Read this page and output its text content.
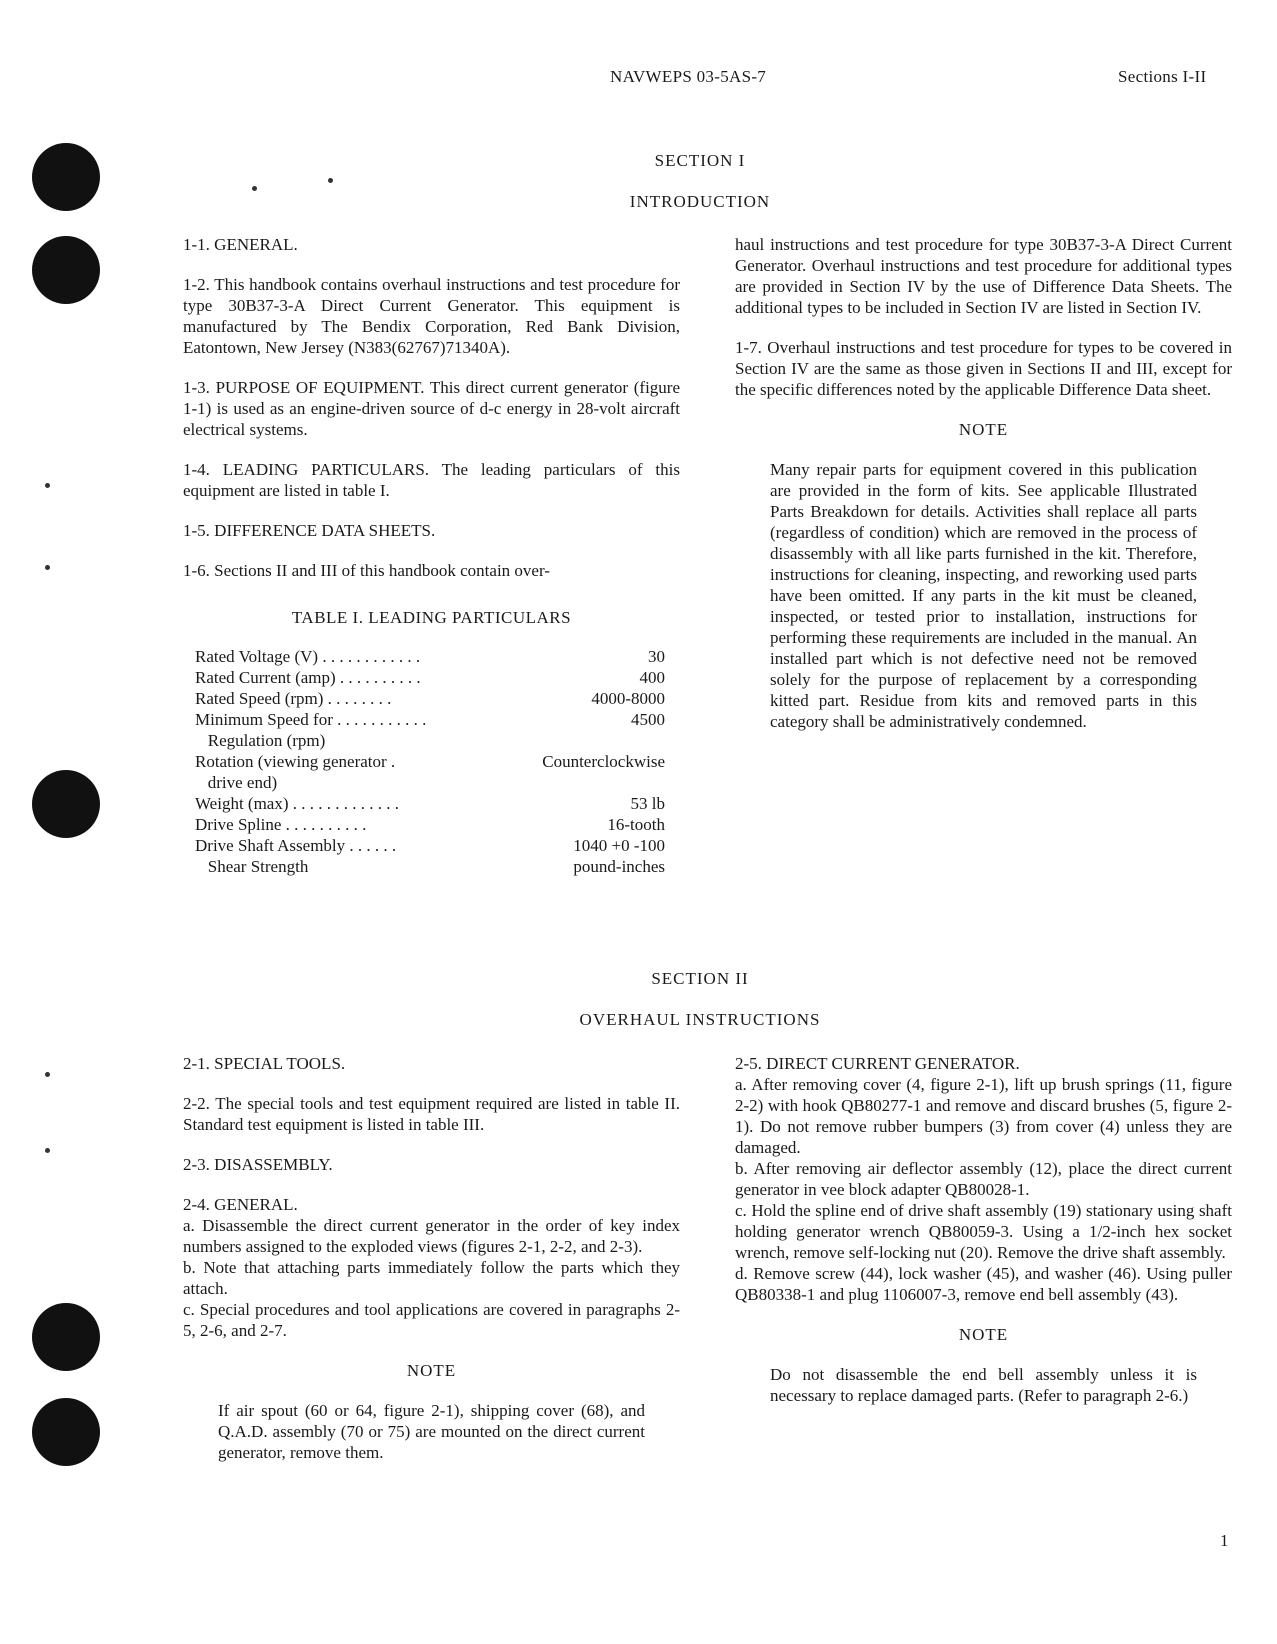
NAVWEPS 03-5AS-7	Sections I-II
SECTION I
INTRODUCTION

1-1. GENERAL.

1-2. This handbook contains overhaul instructions and test procedure for type 30B37-3-A Direct Current Generator. This equipment is manufactured by The Bendix Corporation, Red Bank Division, Eatontown, New Jersey (N383(62767)71340A).

1-3. PURPOSE OF EQUIPMENT. This direct current generator (figure 1-1) is used as an engine-driven source of d-c energy in 28-volt aircraft electrical systems.

1-4. LEADING PARTICULARS. The leading particulars of this equipment are listed in table I.

1-5. DIFFERENCE DATA SHEETS.

1-6. Sections II and III of this handbook contain over-

TABLE I. LEADING PARTICULARS
Rated Voltage (V) . . . . . . . . . . . .	30
Rated Current (amp) . . . . . . . . . .	400
Rated Speed (rpm) . . . . . . . .	4000-8000
Minimum Speed for . . . . . . . . . . .	4500
Regulation (rpm)	
Rotation (viewing generator .	Counterclockwise
drive end)	
Weight (max) . . . . . . . . . . . . .	53 lb
Drive Spline . . . . . . . . . .	16-tooth
Drive Shaft Assembly . . . . . .	1040 +0 -100
Shear Strength	pound-inches

haul instructions and test procedure for type 30B37-3-A Direct Current Generator. Overhaul instructions and test procedure for additional types are provided in Section IV by the use of Difference Data Sheets. The additional types to be included in Section IV are listed in Section IV.

1-7. Overhaul instructions and test procedure for types to be covered in Section IV are the same as those given in Sections II and III, except for the specific differences noted by the applicable Difference Data sheet.

NOTE

Many repair parts for equipment covered in this publication are provided in the form of kits. See applicable Illustrated Parts Breakdown for details. Activities shall replace all parts (regardless of condition) which are removed in the process of disassembly with all like parts furnished in the kit. Therefore, instructions for cleaning, inspecting, and reworking used parts have been omitted. If any parts in the kit must be cleaned, inspected, or tested prior to installation, instructions for performing these requirements are included in the manual. An installed part which is not defective need not be removed solely for the purpose of replacement by a corresponding kitted part. Residue from kits and removed parts in this category shall be administratively condemned.

SECTION II
OVERHAUL INSTRUCTIONS

2-1. SPECIAL TOOLS.

2-2. The special tools and test equipment required are listed in table II. Standard test equipment is listed in table III.

2-3. DISASSEMBLY.

2-4. GENERAL.

a. Disassemble the direct current generator in the order of key index numbers assigned to the exploded views (figures 2-1, 2-2, and 2-3).

b. Note that attaching parts immediately follow the parts which they attach.

c. Special procedures and tool applications are covered in paragraphs 2-5, 2-6, and 2-7.

NOTE

If air spout (60 or 64, figure 2-1), shipping cover (68), and Q.A.D. assembly (70 or 75) are mounted on the direct current generator, remove them.

2-5. DIRECT CURRENT GENERATOR.

a. After removing cover (4, figure 2-1), lift up brush springs (11, figure 2-2) with hook QB80277-1 and remove and discard brushes (5, figure 2-1). Do not remove rubber bumpers (3) from cover (4) unless they are damaged.

b. After removing air deflector assembly (12), place the direct current generator in vee block adapter QB80028-1.

c. Hold the spline end of drive shaft assembly (19) stationary using shaft holding generator wrench QB80059-3. Using a 1/2-inch hex socket wrench, remove self-locking nut (20). Remove the drive shaft assembly.

d. Remove screw (44), lock washer (45), and washer (46). Using puller QB80338-1 and plug 1106007-3, remove end bell assembly (43).

NOTE

Do not disassemble the end bell assembly unless it is necessary to replace damaged parts. (Refer to paragraph 2-6.)

1
